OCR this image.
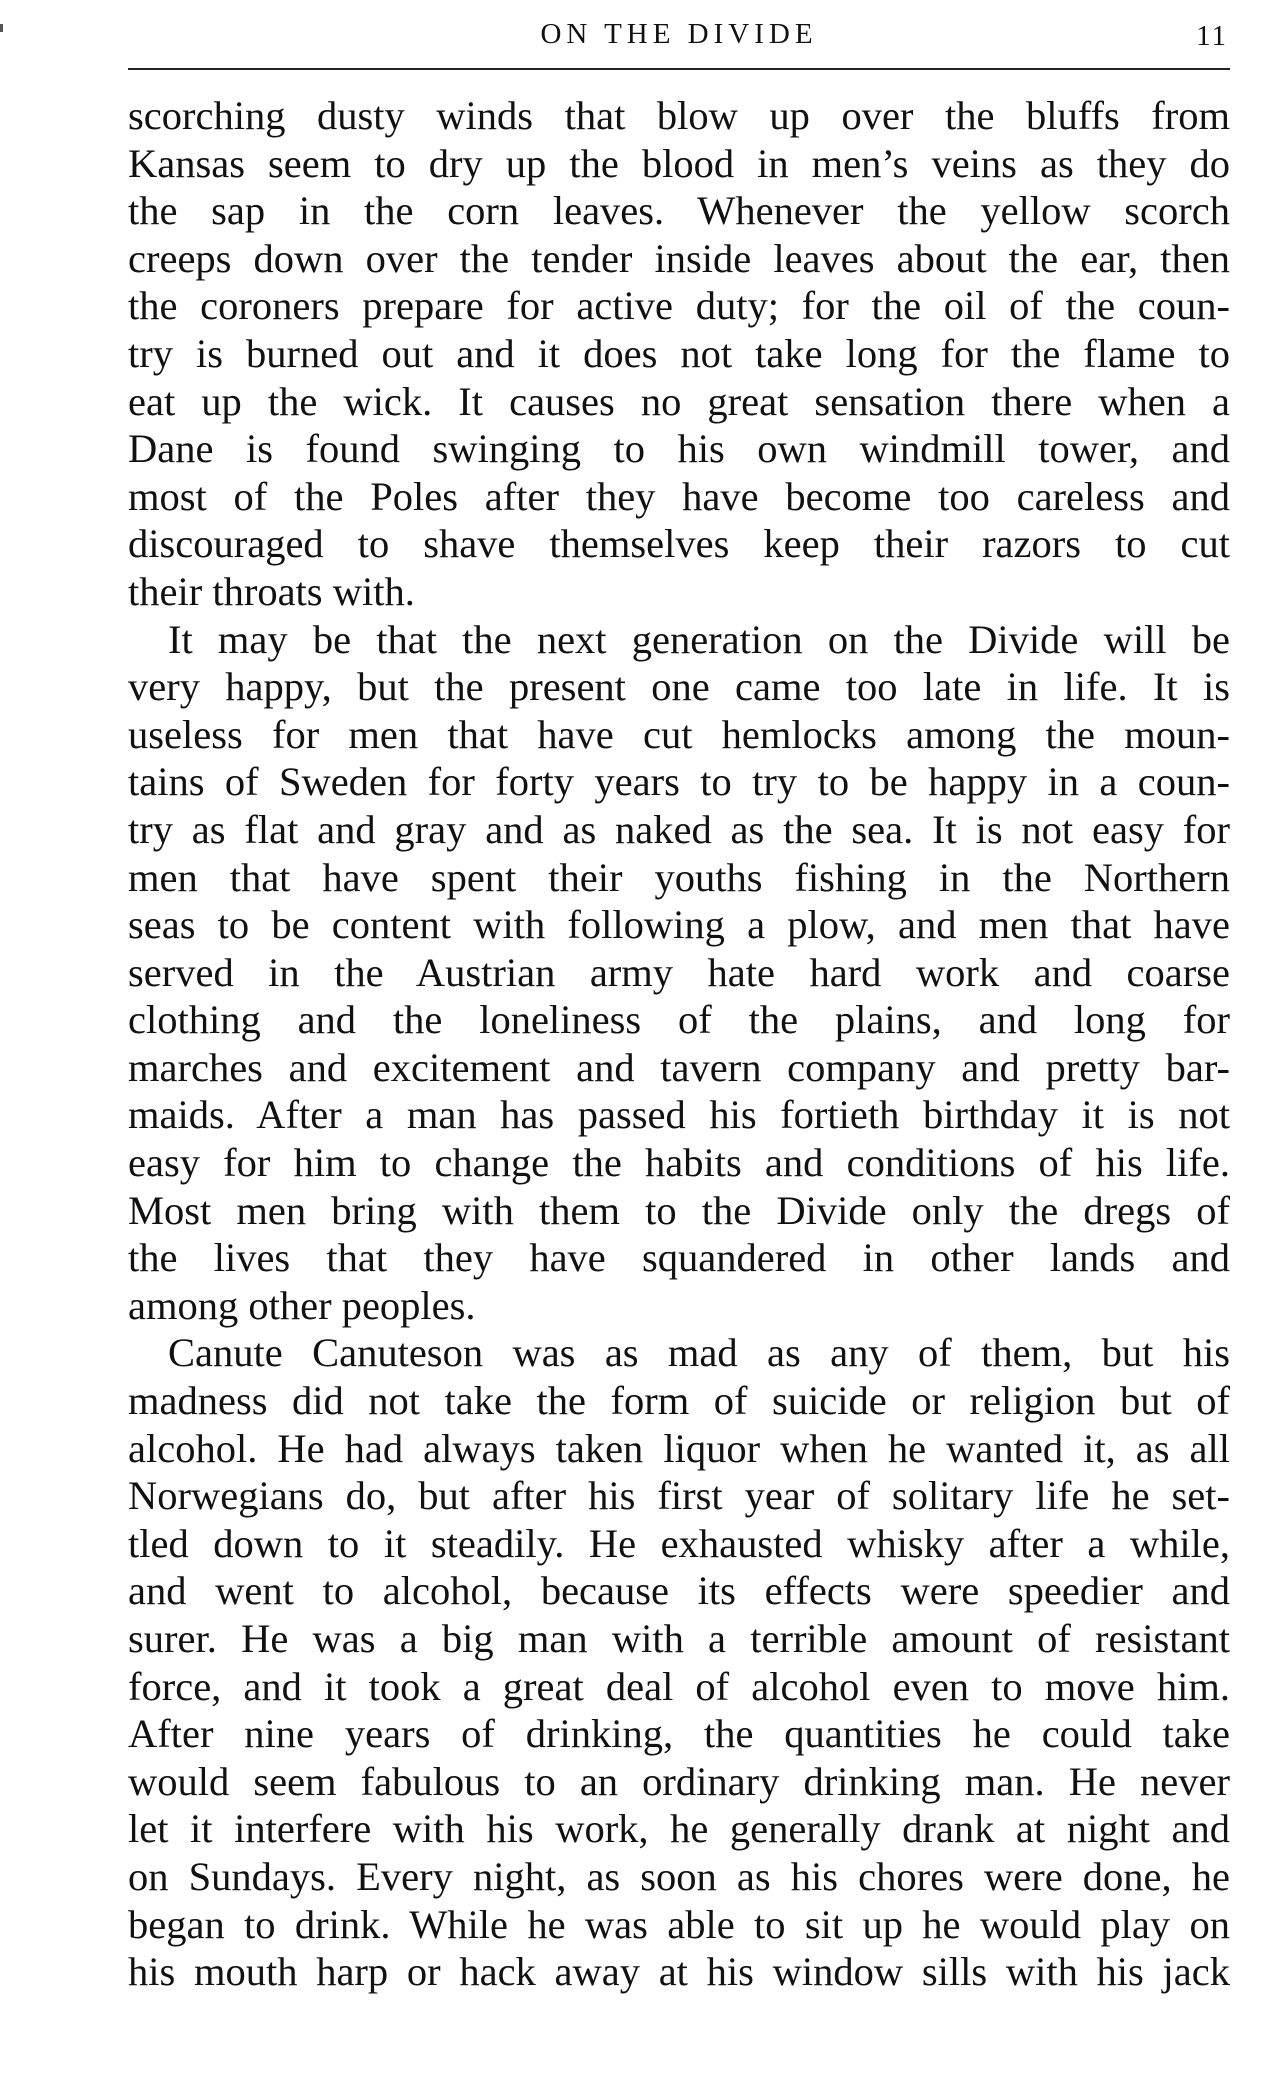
ON THE DIVIDE	11

scorching dusty winds that blow up over the bluffs from
Kansas seem to dry up the blood in men’s veins as they do
the sap in the corn leaves. Whenever the yellow scorch
creeps down over the tender inside leaves about the ear, then
the coroners prepare for active duty; for the oil of the coun-
try is burned out and it does not take long for the flame to
eat up the wick. It causes no great sensation there when a
Dane is found swinging to his own windmill tower, and
most of the Poles after they have become too careless and
discouraged to shave themselves keep their razors to cut
their throats with.

It may be that the next generation on the Divide will be
very happy, but the present one came too late in life. It is
useless for men that have cut hemlocks among the moun-
tains of Sweden for forty years to try to be happy in a coun-
try as flat and gray and as naked as the sea. It is not easy for
men that have spent their youths fishing in the Northern
seas to be content with following a plow, and men that have
served in the Austrian army hate hard work and coarse
clothing and the loneliness of the plains, and long for
marches and excitement and tavern company and pretty bar-
maids. After a man has passed his fortieth birthday it is not
easy for him to change the habits and conditions of his life.
Most men bring with them to the Divide only the dregs of
the lives that they have squandered in other lands and
among other peoples.

Canute Canuteson was as mad as any of them, but his
madness did not take the form of suicide or religion but of
alcohol. He had always taken liquor when he wanted it, as all
Norwegians do, but after his first year of solitary life he set-
tled down to it steadily. He exhausted whisky after a while,
and went to alcohol, because its effects were speedier and
surer. He was a big man with a terrible amount of resistant
force, and it took a great deal of alcohol even to move him.
After nine years of drinking, the quantities he could take
would seem fabulous to an ordinary drinking man. He never
let it interfere with his work, he generally drank at night and
on Sundays. Every night, as soon as his chores were done, he
began to drink. While he was able to sit up he would play on
his mouth harp or hack away at his window sills with his jack
